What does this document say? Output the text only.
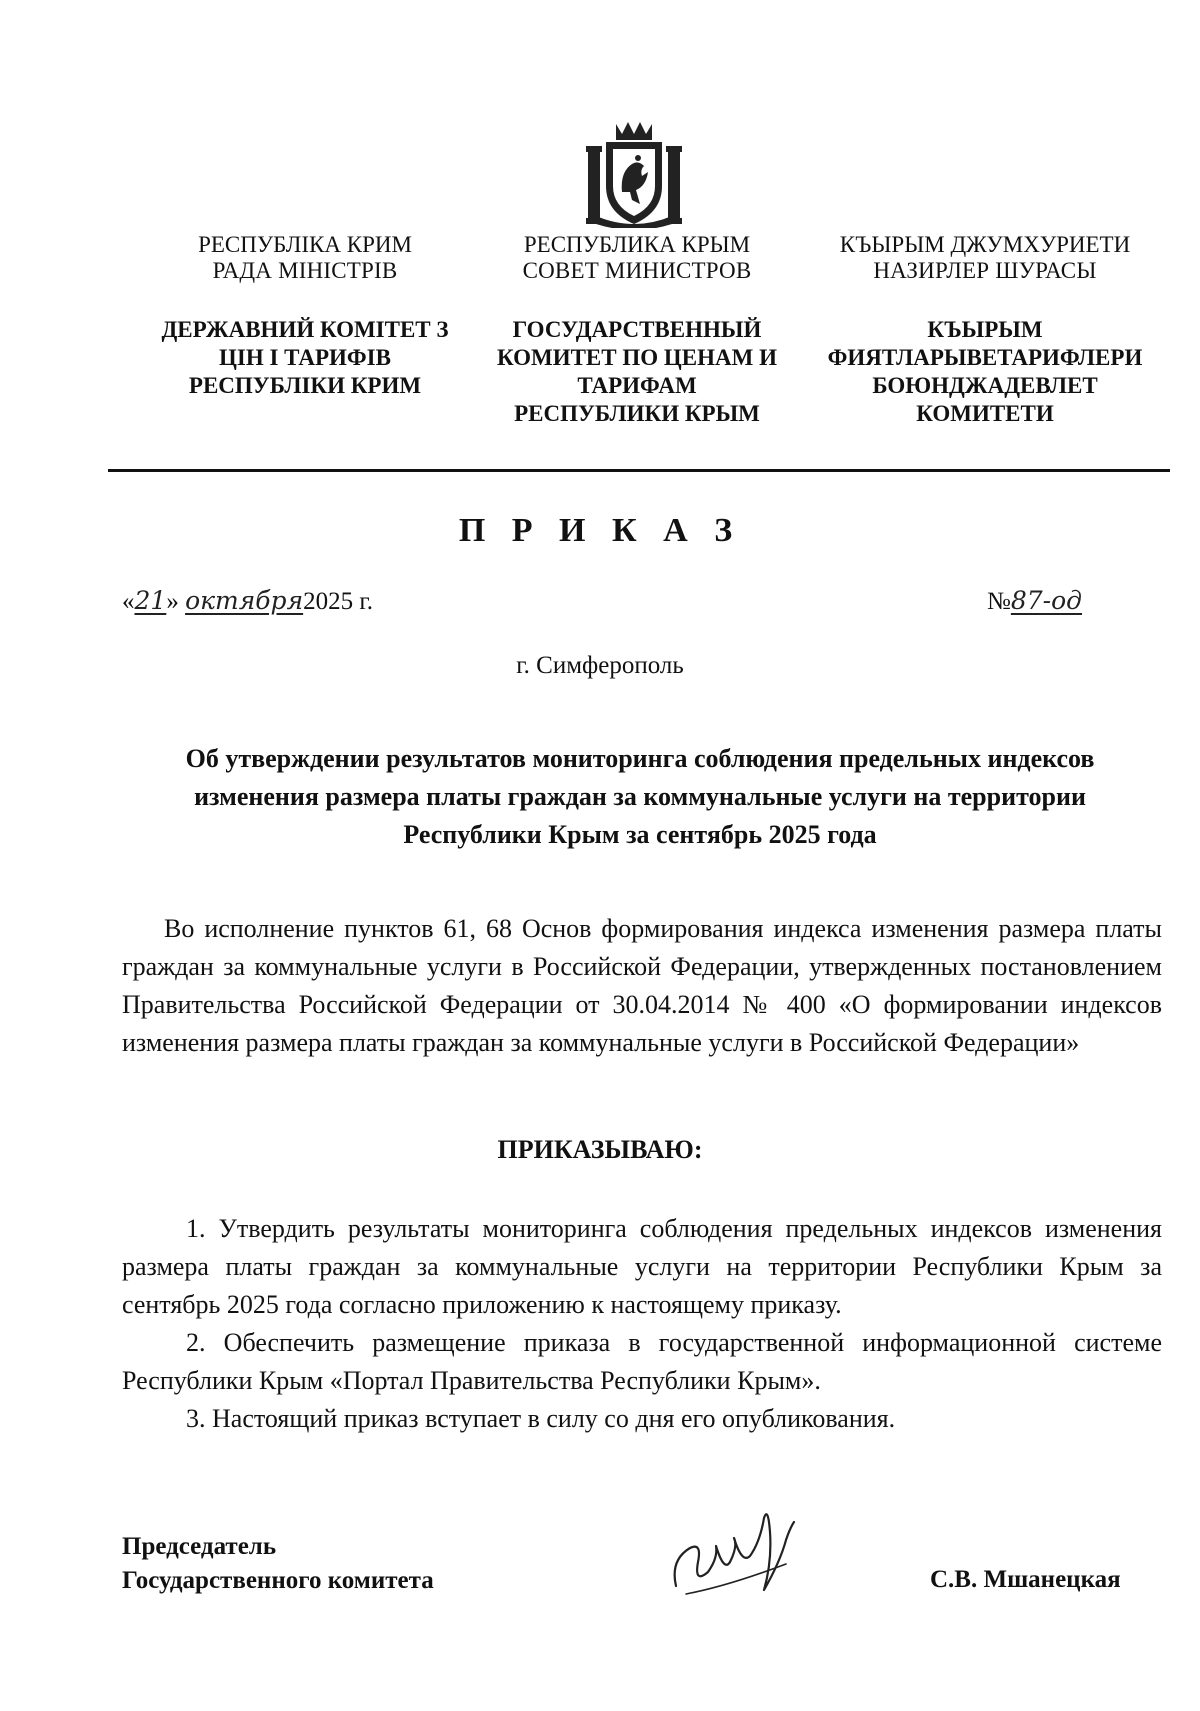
РЕСПУБЛІКА КРИМ
РАДА МІНІСТРІВ
ДЕРЖАВНИЙ КОМІТЕТ З
ЦІН І ТАРИФІВ
РЕСПУБЛІКИ КРИМ
РЕСПУБЛИКА КРЫМ
СОВЕТ МИНИСТРОВ
ГОСУДАРСТВЕННЫЙ
КОМИТЕТ ПО ЦЕНАМ И
ТАРИФАМ
РЕСПУБЛИКИ КРЫМ
КЪЫРЫМ ДЖУМХУРИЕТИ
НАЗИРЛЕР ШУРАСЫ
КЪЫРЫМ
ФИЯТЛАРЫВЕТАРИФЛЕРИ
БОЮНДЖАДЕВЛЕТ
КОМИТЕТИ
П Р И К А З
«21» октября2025 г.	№87-од
г. Симферополь
Об утверждении результатов мониторинга соблюдения предельных индексов изменения размера платы граждан за коммунальные услуги на территории Республики Крым за сентябрь 2025 года
Во исполнение пунктов 61, 68 Основ формирования индекса изменения размера платы граждан за коммунальные услуги в Российской Федерации, утвержденных постановлением Правительства Российской Федерации от 30.04.2014 № 400 «О формировании индексов изменения размера платы граждан за коммунальные услуги в Российской Федерации»
ПРИКАЗЫВАЮ:

1. Утвердить результаты мониторинга соблюдения предельных индексов изменения размера платы граждан за коммунальные услуги на территории Республики Крым за сентябрь 2025 года согласно приложению к настоящему приказу.

2. Обеспечить размещение приказа в государственной информационной системе Республики Крым «Портал Правительства Республики Крым».

3. Настоящий приказ вступает в силу со дня его опубликования.

Председатель
Государственного комитета	С.В. Мшанецкая
